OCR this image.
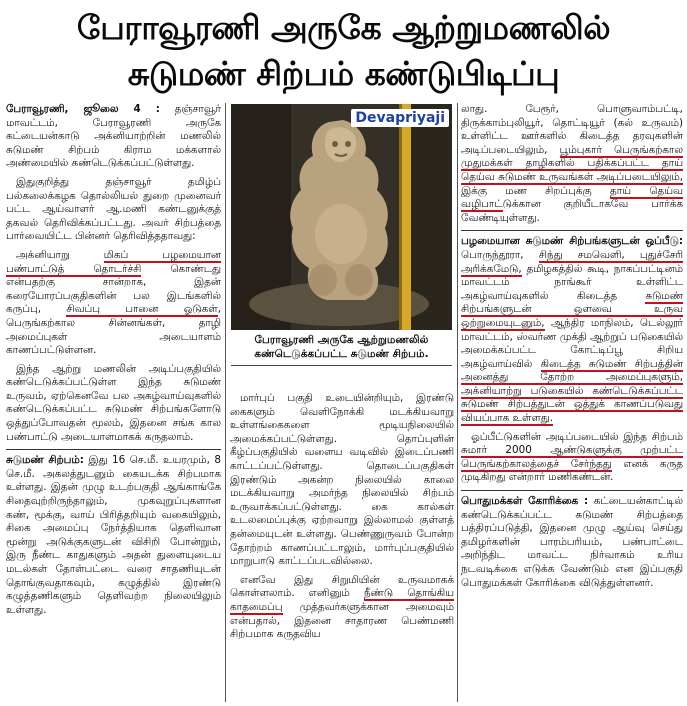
பேராவூரணி அருகே ஆற்றுமணலில்
சுடுமண் சிற்பம் கண்டுபிடிப்பு

பேராவூரணி, ஜூலை 4 : தஞ்சாவூர் மாவட்டம், பேராவூரணி அருகே கட்டையன்காடு அக்னியாற்றின் மணலில் சுடுமண் சிற்பம் கிராம மக்களால் அண்மையில் கண்டெடுக்கப்பட்டுள்ளது.

இதுகுறித்து தஞ்சாவூர் தமிழ்ப் பல்கலைக்கழக தொல்லியல் துறை முனைவர் பட்ட ஆய்வாளர் ஆ.மணி கண்டனுக்குத் தகவல் தெரிவிக்கப்பட்டது. அவர் சிற்பத்தை பார்வையிட்ட பின்னர் தெரிவித்ததாவது:

அக்னியாறு	மிகப் பழமையான பண்பாட்டுத் தொடர்ச்சி	கொண்டது என்பதற்கு சான்றாக, இதன் கரையோரப்பகுதிகளின் பல இடங்களில் கருப்பு, சிவப்பு பானை ஓடுகள், பெருங்கற்கால சின்னங்கள், தாழி அமைப்புகள் அடையாளம் காணப்பட்டுள்ளன.

இந்த ஆற்று மணலின் அடிப்பகுதியில் கண்டெடுக்கப்பட்டுள்ள இந்த சுடுமண் உருவம், ஏற்கெனவே பல அகழ்வாய்வுகளில் கண்டெடுக்கப்பட்ட சுடுமண் சிற்பங்களோடு ஒத்துப்போவதன் மூலம், இதனை சங்க கால பண்பாட்டு அடையாளமாகக் கருதலாம்.

சுடுமண் சிற்பம்: இது 16 செ.மீ. உயரமும், 8 செ.மீ. அகலத்துடனும் கையடக்க சிற்பமாக உள்ளது. இதன் முழு உடற்பகுதி ஆங்காங்கே சிதைவுற்றிருந்தாலும், முகவுறுப்புகளான கண், மூக்கு, வாய் பிரித்தறியும் வகையிலும், சிகை அமைப்பு நேர்த்தியாக தெளிவான மூன்று அடுக்குகளுடன் விசிறி போன்றும், இரு நீண்ட காதுகளும் அதன் துளையுடைய மடல்கள் தோள்பட்டை வரை சாதணியுடன் தொங்குவதாகவும், கழுத்தில் இரண்டு கழுத்தணிகளும் தெளிவற்ற நிலையிலும் உள்ளது.

Devapriyaji
பேராவூரணி அருகே ஆற்றுமணலில் கண்டெடுக்கப்பட்ட சுடுமண் சிற்பம்.

மார்புப் பகுதி உடையின்றியும், இரண்டு கைகளும் வெளிநோக்கி மடக்கியவாறு உள்ளங்கைகளை மூடியநிலையில் அமைக்கப்பட்டுள்ளது. தொப்புளின் கீழ்ப்பகுதியில் வளைய வடிவில் இடைப்பணி காட்டப்பட்டுள்ளது. தொடைப்பகுதிகள் இரண்டும் அகன்ற நிலையில் காலை மடக்கியவாறு அமர்ந்த நிலையில் சிற்பம் உருவாக்கப்பட்டுள்ளது. கை கால்கள் உடலமைப்புக்கு ஏற்றவாறு இல்லாமல் குள்ளத் தன்மையுடன் உள்ளது. பெண்ணுருவம் போன்ற தோற்றம் காணப்பட்டாலும், மார்புப்பகுதியில் மாறுபாடு காட்டப்படவில்லை.

எனவே இது சிறுமியின் உருவமாகக் கொள்ளலாம். எனினும் நீண்டு தொங்கிய காதமைப்பு முத்தவர்களுக்கான அமைவும் என்பதால், இதனை சாதாரண பெண்மணி சிற்பமாக கருதவிய

லாது. பேரூர், பொளுவாம்பட்டி, திருக்காம்புலியூர், தொட்டியூர் (கல் உருவம்) உள்ளிட்ட ஊர்களில் கிடைத்த தரவுகளின் அடிப்படையிலும், பூம்புகார் பெருங்கற்கால முதுமக்கள் தாழிகளில் பதிக்கப்பட்ட தாய் தெய்வ சுடுமண் உருவங்கள் அடிப்படையிலும், இக்கு மண சிறப்புக்கு தாய் தெய்வ வழிபாட்டுக்கான குறியீடாகவே பார்க்க வேண்டியுள்ளது.

பழமையான சுடுமண் சிற்பங்களுடன் ஒப்பீடு: பொருந்தூரா, சிந்து சமவெளி, புதுச்சேரி அரிக்கமேடு, தமிழகத்தில் கூடி, நாகப்பட்டினம் மாவட்டம் நாங்கூர் உள்ளிட்ட அகழ்வாய்வுகளில் கிடைத்த	சுடுமண் சிற்பங்களுடன் ஒளவை உருவ ஒற்றுமையுடனும், ஆந்திர மாநிலம், டெல்லூர் மாவட்டம், ஸ்வர்ண முக்தி ஆற்றுப் படுகையில் அமைக்கப்பட்ட கோட்டிப்பூ சிறிய அகழ்வாய்வில் கிடைத்த சுடுமண் சிற்பத்தின் அனைத்து தோற்ற அமைப்புகளும், அக்னியாற்று படுகையில் கண்டெடுக்கப்பட்ட சுடுமண் சிற்பத்துடன் ஒத்துக் காணப்படுவது வியப்பாக உள்ளது.

ஓப்பீட்டுகளின் அடிப்படையில் இந்த சிற்பம் சுமார் 2000 ஆண்டுகளுக்கு முற்பட்ட பெருங்கற்காலத்தைச் சேர்ந்தது எனக் கருத முடிகிறது என்றார் மணிகண்டன்.

பொதுமக்கள் கோரிக்கை : கட்டையன்காட்டில் கண்டெடுக்கப்பட்ட சுடுமண் சிற்பத்தை பத்திரப்படுத்தி, இதனை முழு ஆய்வு செய்து தமிழர்களின் பாரம்பரியம், பண்பாட்டை அறிந்திட மாவட்ட நிர்வாகம் உரிய நடவடிக்கை எடுக்க வேண்டும் என இப்பகுதி பொதுமக்கள் கோரிக்கை விடுத்துள்ளனர்.
